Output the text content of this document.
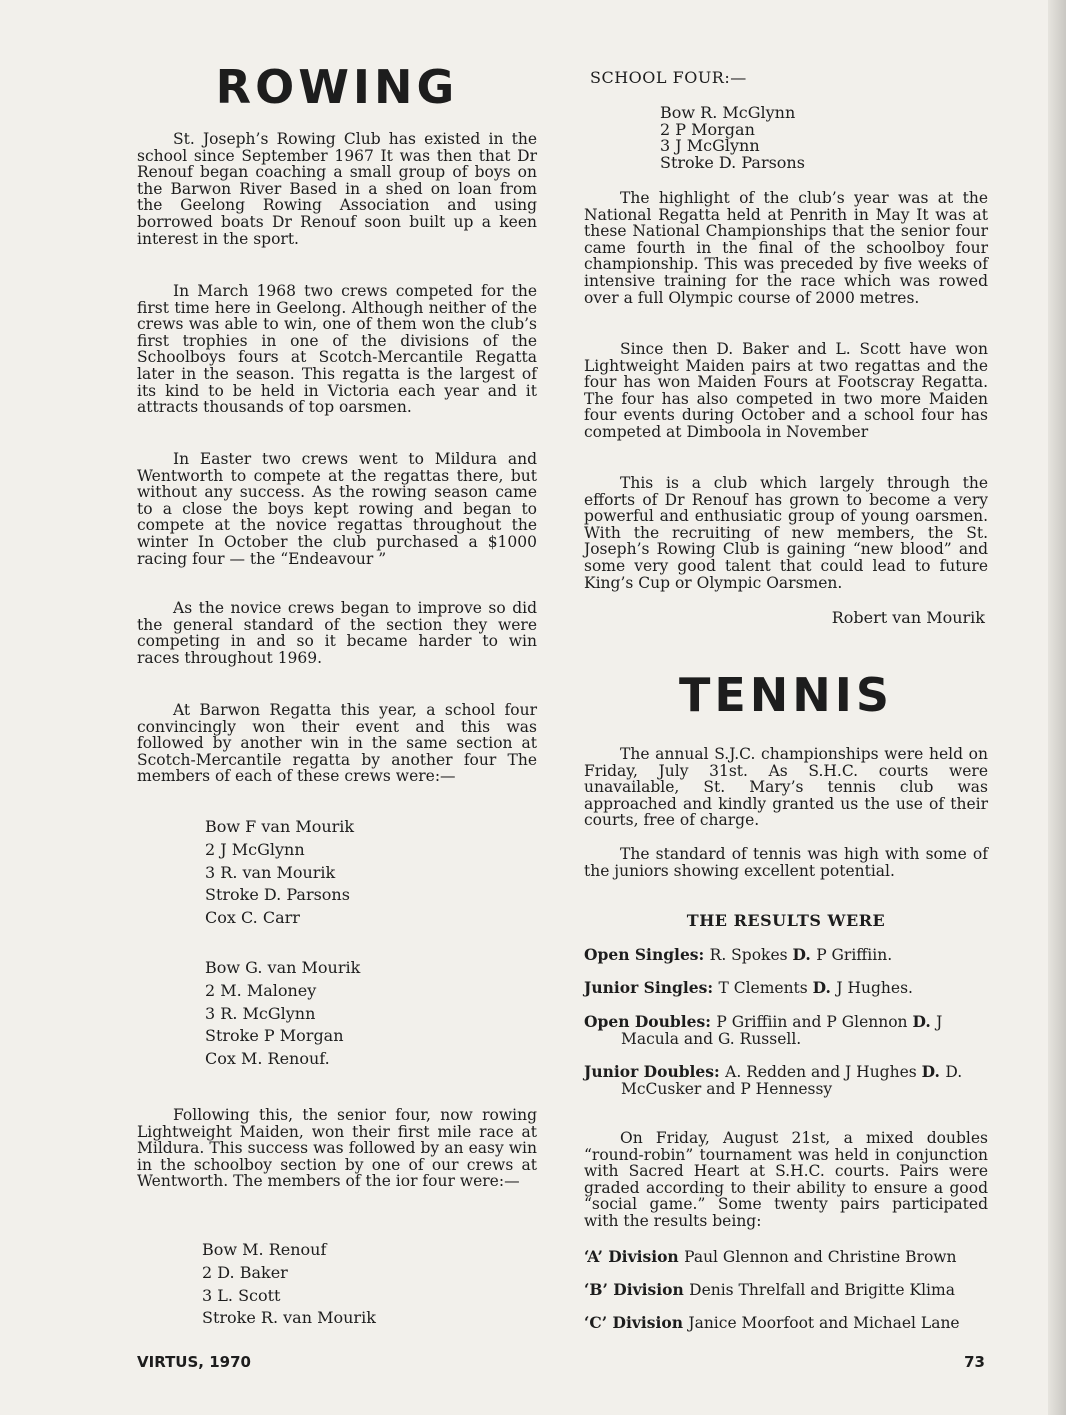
ROWING

St. Joseph’s Rowing Club has existed in the school since September 1967 It was then that Dr Renouf began coaching a small group of boys on the Barwon River Based in a shed on loan from the Geelong Rowing Association and using borrowed boats Dr Renouf soon built up a keen interest in the sport.

In March 1968 two crews competed for the first time here in Geelong. Although neither of the crews was able to win, one of them won the club’s first trophies in one of the divisions of the Schoolboys fours at Scotch-Mercantile Regatta later in the season. This regatta is the largest of its kind to be held in Victoria each year and it attracts thousands of top oarsmen.

In Easter two crews went to Mildura and Wentworth to compete at the regattas there, but without any success. As the rowing season came to a close the boys kept rowing and began to compete at the novice regattas throughout the winter In October the club purchased a $1000 racing four — the “Endeavour ”

As the novice crews began to improve so did the general standard of the section they were competing in and so it became harder to win races throughout 1969.

At Barwon Regatta this year, a school four convincingly won their event and this was followed by another win in the same section at Scotch-Mercantile regatta by another four The members of each of these crews were:—

Bow F van Mourik
2 J McGlynn
3 R. van Mourik
Stroke D. Parsons
Cox C. Carr
Bow G. van Mourik
2 M. Maloney
3 R. McGlynn
Stroke P Morgan
Cox M. Renouf.

Following this, the senior four, now rowing Lightweight Maiden, won their first mile race at Mildura. This success was followed by an easy win in the schoolboy section by one of our crews at Wentworth. The members of the ior four were:—

Bow M. Renouf
2 D. Baker
3 L. Scott
Stroke R. van Mourik
VIRTUS, 1970
SCHOOL FOUR:—
Bow R. McGlynn
2 P Morgan
3 J McGlynn
Stroke D. Parsons

The highlight of the club’s year was at the National Regatta held at Penrith in May It was at these National Championships that the senior four came fourth in the final of the schoolboy four championship. This was preceded by five weeks of intensive training for the race which was rowed over a full Olympic course of 2000 metres.

Since then D. Baker and L. Scott have won Lightweight Maiden pairs at two regattas and the four has won Maiden Fours at Footscray Regatta. The four has also competed in two more Maiden four events during October and a school four has competed at Dimboola in November

This is a club which largely through the efforts of Dr Renouf has grown to become a very powerful and enthusiatic group of young oarsmen. With the recruiting of new members, the St. Joseph’s Rowing Club is gaining “new blood” and some very good talent that could lead to future King’s Cup or Olympic Oarsmen.

Robert van Mourik
TENNIS

The annual S.J.C. championships were held on Friday, July 31st. As S.H.C. courts were unavailable, St. Mary’s tennis club was approached and kindly granted us the use of their courts, free of charge.

The standard of tennis was high with some of the juniors showing excellent potential.

THE RESULTS WERE
Open Singles: R. Spokes D. P Griffiin.
Junior Singles: T Clements D. J Hughes.
Open Doubles: P Griffiin and P Glennon D. J Macula and G. Russell.
Junior Doubles: A. Redden and J Hughes D. D. McCusker and P Hennessy

On Friday, August 21st, a mixed doubles “round-robin” tournament was held in conjunction with Sacred Heart at S.H.C. courts. Pairs were graded according to their ability to ensure a good “social game.” Some twenty pairs participated with the results being:

‘A’ Division Paul Glennon and Christine Brown
‘B’ Division Denis Threlfall and Brigitte Klima
‘C’ Division Janice Moorfoot and Michael Lane
73
